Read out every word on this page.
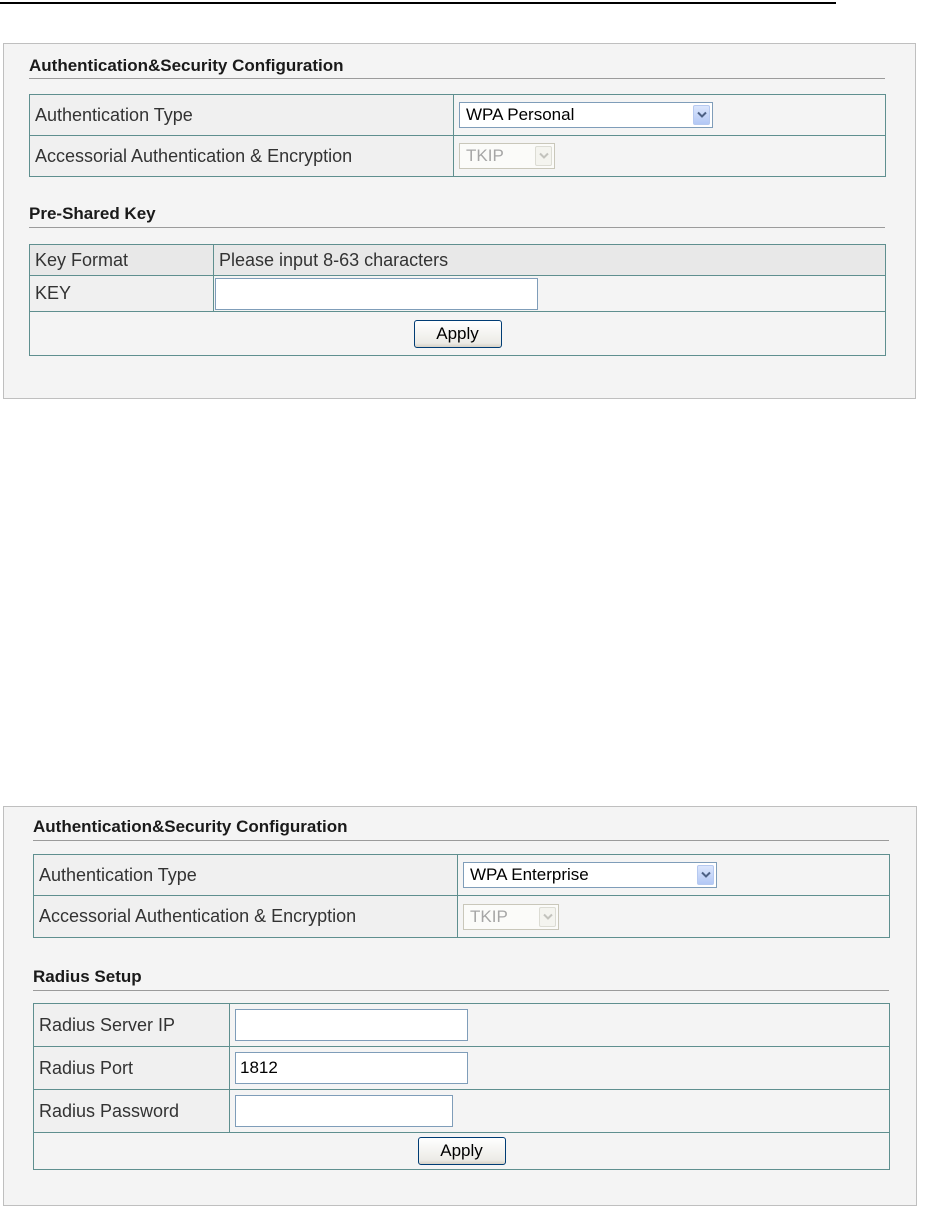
Authentication&Security Configuration
Authentication Type	WPA Personal

Accessorial Authentication & Encryption	TKIP
Pre-Shared Key
Key Format	Please input 8-63 characters
KEY	
Apply	
Authentication&Security Configuration
Authentication Type	WPA Enterprise

Accessorial Authentication & Encryption	TKIP
Radius Setup
Radius Server IP	
Radius Port	1812
Radius Password	
Apply	
